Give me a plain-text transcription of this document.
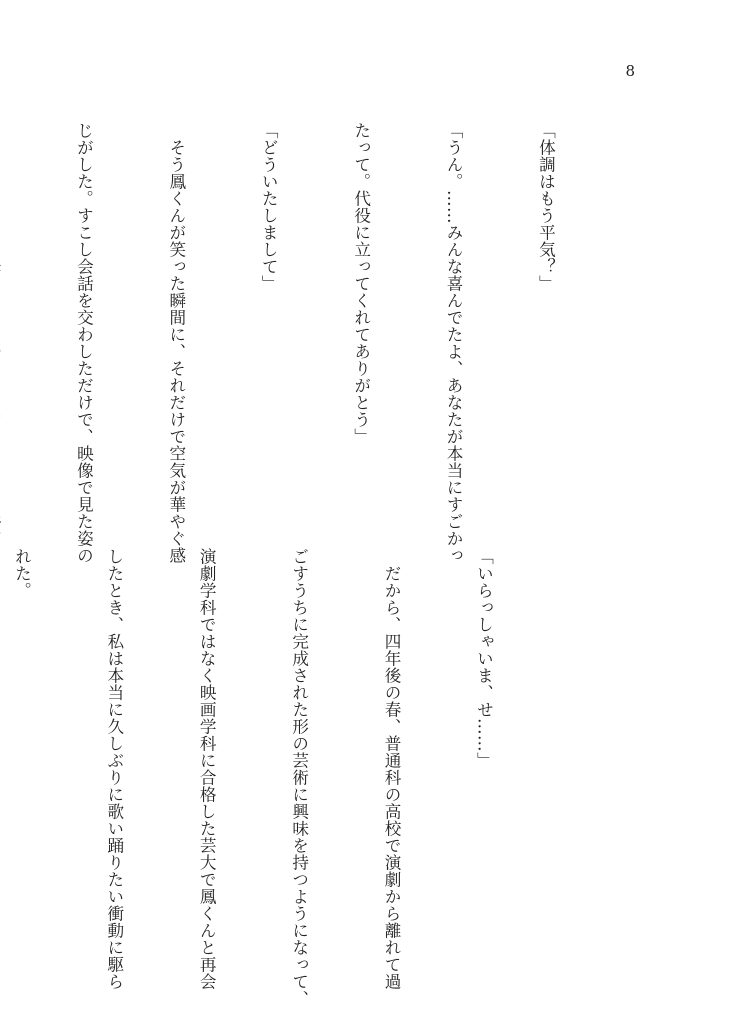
8

「体調はもう平気？」

「うん。……みんな喜んでたよ、あなたが本当にすごかっ

たって。代役に立ってくれてありがとう」

「どういたしまして」

　そう鳳くんが笑った瞬間に、それだけで空気が華やぐ感

じがした。すこし会話を交わしただけで、映像で見た姿の

「いらっしゃいま、せ……」

　だから、四年後の春、普通科の高校で演劇から離れて過

ごすうちに完成された形の芸術に興味を持つようになって、

演劇学科ではなく映画学科に合格した芸大で鳳くんと再会

したとき、私は本当に久しぶりに歌い踊りたい衝動に駆ら

れた。
